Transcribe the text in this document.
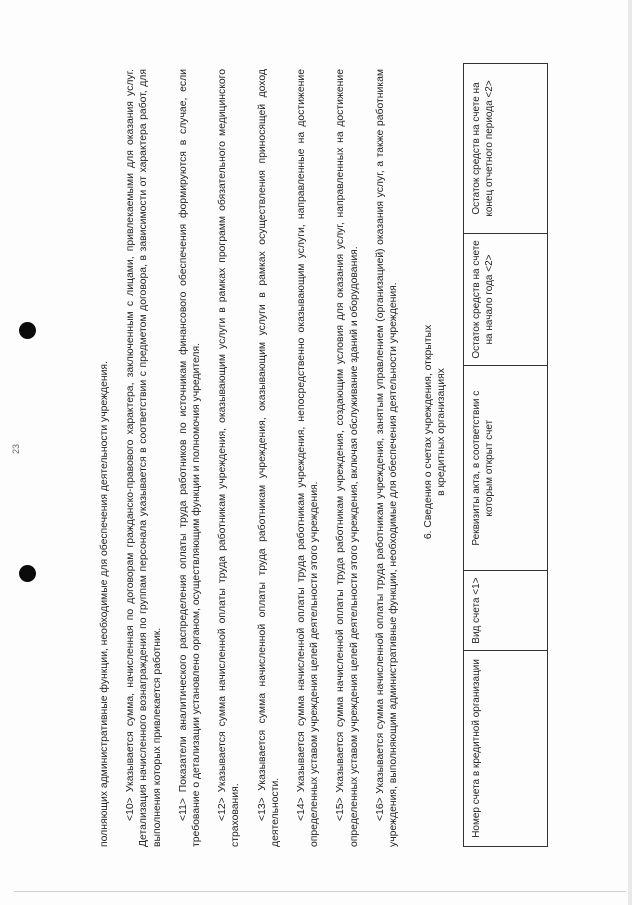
23	полняющих административные функции, необходимые для обеспечения деятельности учреждения. <10> Указывается сумма, начисленная по договорам гражданско-правового характера, заключенным с лицами, привлекаемыми для оказания услуг. Детализация начисленного вознаграждения по группам персонала указывается в соответствии с предметом договора, в зависимости от характера работ, для выполнения которых привлекается работник. <11> Показатели аналитического распределения оплаты труда работников по источникам финансового обеспечения формируются в случае, если требование о детализации установлено органом, осуществляющим функции и полномочия учредителя. <12> Указывается сумма начисленной оплаты труда работникам учреждения, оказывающим услуги в рамках программ обязательного медицинского страхования. <13> Указывается сумма начисленной оплаты труда работникам учреждения, оказывающим услуги в рамках осуществления приносящей доход деятельности. <14> Указывается сумма начисленной оплаты труда работникам учреждения, непосредственно оказывающим услуги, направленные на достижение определенных уставом учреждения целей деятельности этого учреждения. <15> Указывается сумма начисленной оплаты труда работникам учреждения, создающим условия для оказания услуг, направленных на достижение определенных уставом учреждения целей деятельности этого учреждения, включая обслуживание зданий и оборудования. <16> Указывается сумма начисленной оплаты труда работникам учреждения, занятым управлением (организацией) оказания услуг, а также работникам учреждения, выполняющим административные функции, необходимые для обеспечения деятельности учреждения. 6. Сведения о счетах учреждения, открытых в кредитных организациях
Номер счета в кредитной организации	Вид счета <1>	Реквизиты акта, в соответствии с которым открыт счет	Остаток средств на счете на начало года <2>	Остаток средств на счете на конец отчетного периода <2>
